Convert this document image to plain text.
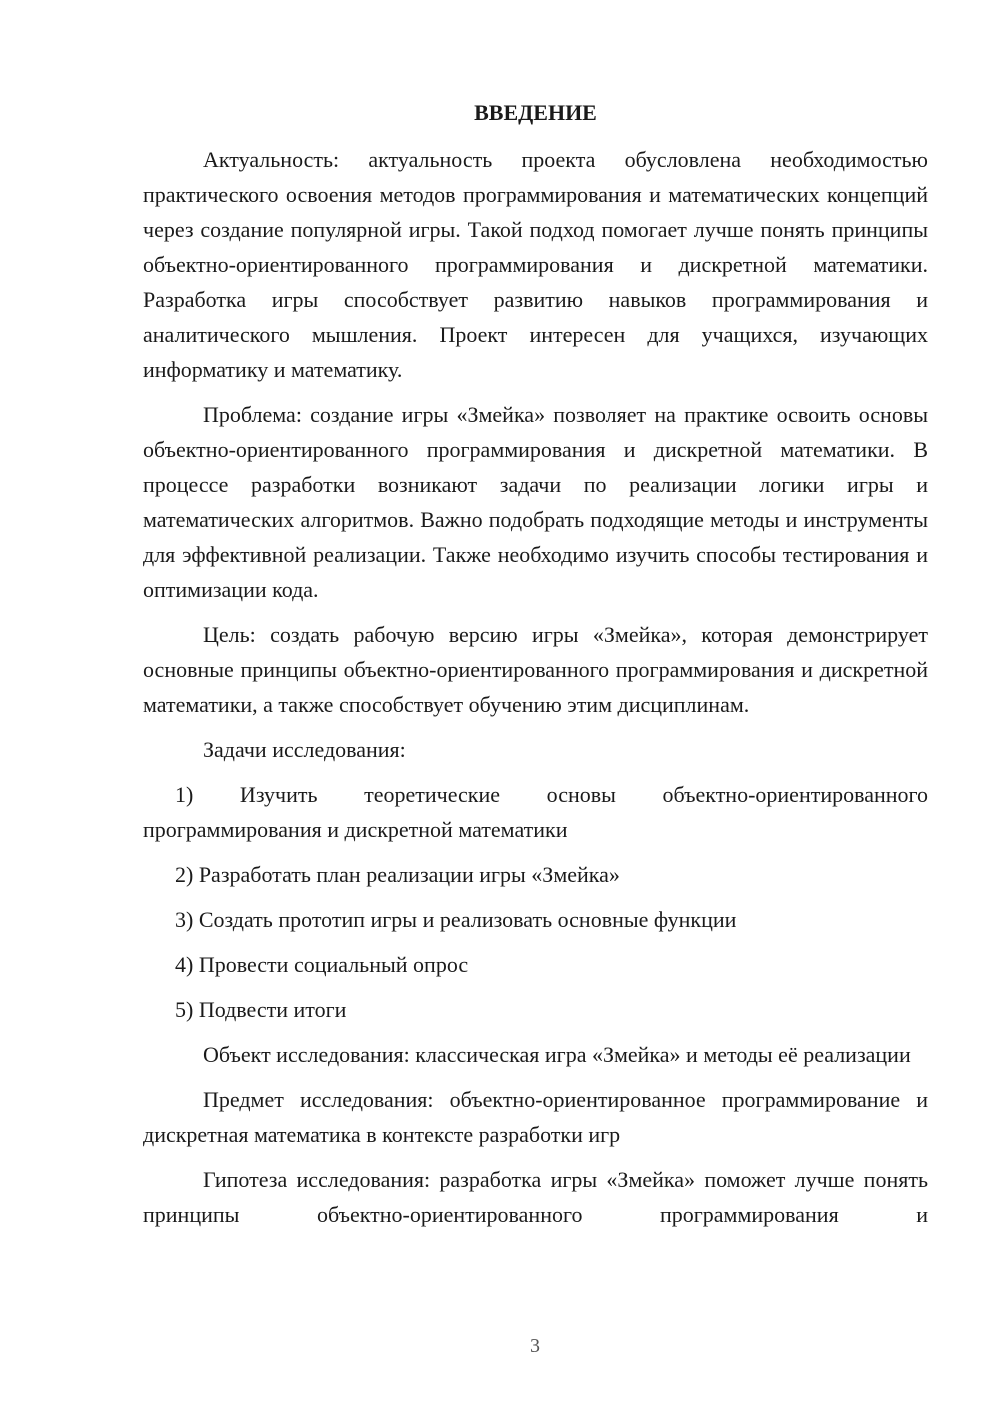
ВВЕДЕНИЕ

Актуальность: актуальность проекта обусловлена необходимостью практического освоения методов программирования и математических концепций через создание популярной игры. Такой подход помогает лучше понять принципы объектно-ориентированного программирования и дискретной математики. Разработка игры способствует развитию навыков программирования и аналитического мышления. Проект интересен для учащихся, изучающих информатику и математику.

Проблема: создание игры «Змейка» позволяет на практике освоить основы объектно-ориентированного программирования и дискретной математики. В процессе разработки возникают задачи по реализации логики игры и математических алгоритмов. Важно подобрать подходящие методы и инструменты для эффективной реализации. Также необходимо изучить способы тестирования и оптимизации кода.

Цель: создать рабочую версию игры «Змейка», которая демонстрирует основные принципы объектно-ориентированного программирования и дискретной математики, а также способствует обучению этим дисциплинам.

Задачи исследования:

1) Изучить теоретические основы объектно-ориентированного программирования и дискретной математики

2) Разработать план реализации игры «Змейка»

3) Создать прототип игры и реализовать основные функции

4) Провести социальный опрос

5) Подвести итоги

Объект исследования: классическая игра «Змейка» и методы её реализации

Предмет исследования: объектно-ориентированное программирование и дискретная математика в контексте разработки игр

Гипотеза исследования: разработка игры «Змейка» поможет лучше понять принципы объектно-ориентированного программирования и

3
